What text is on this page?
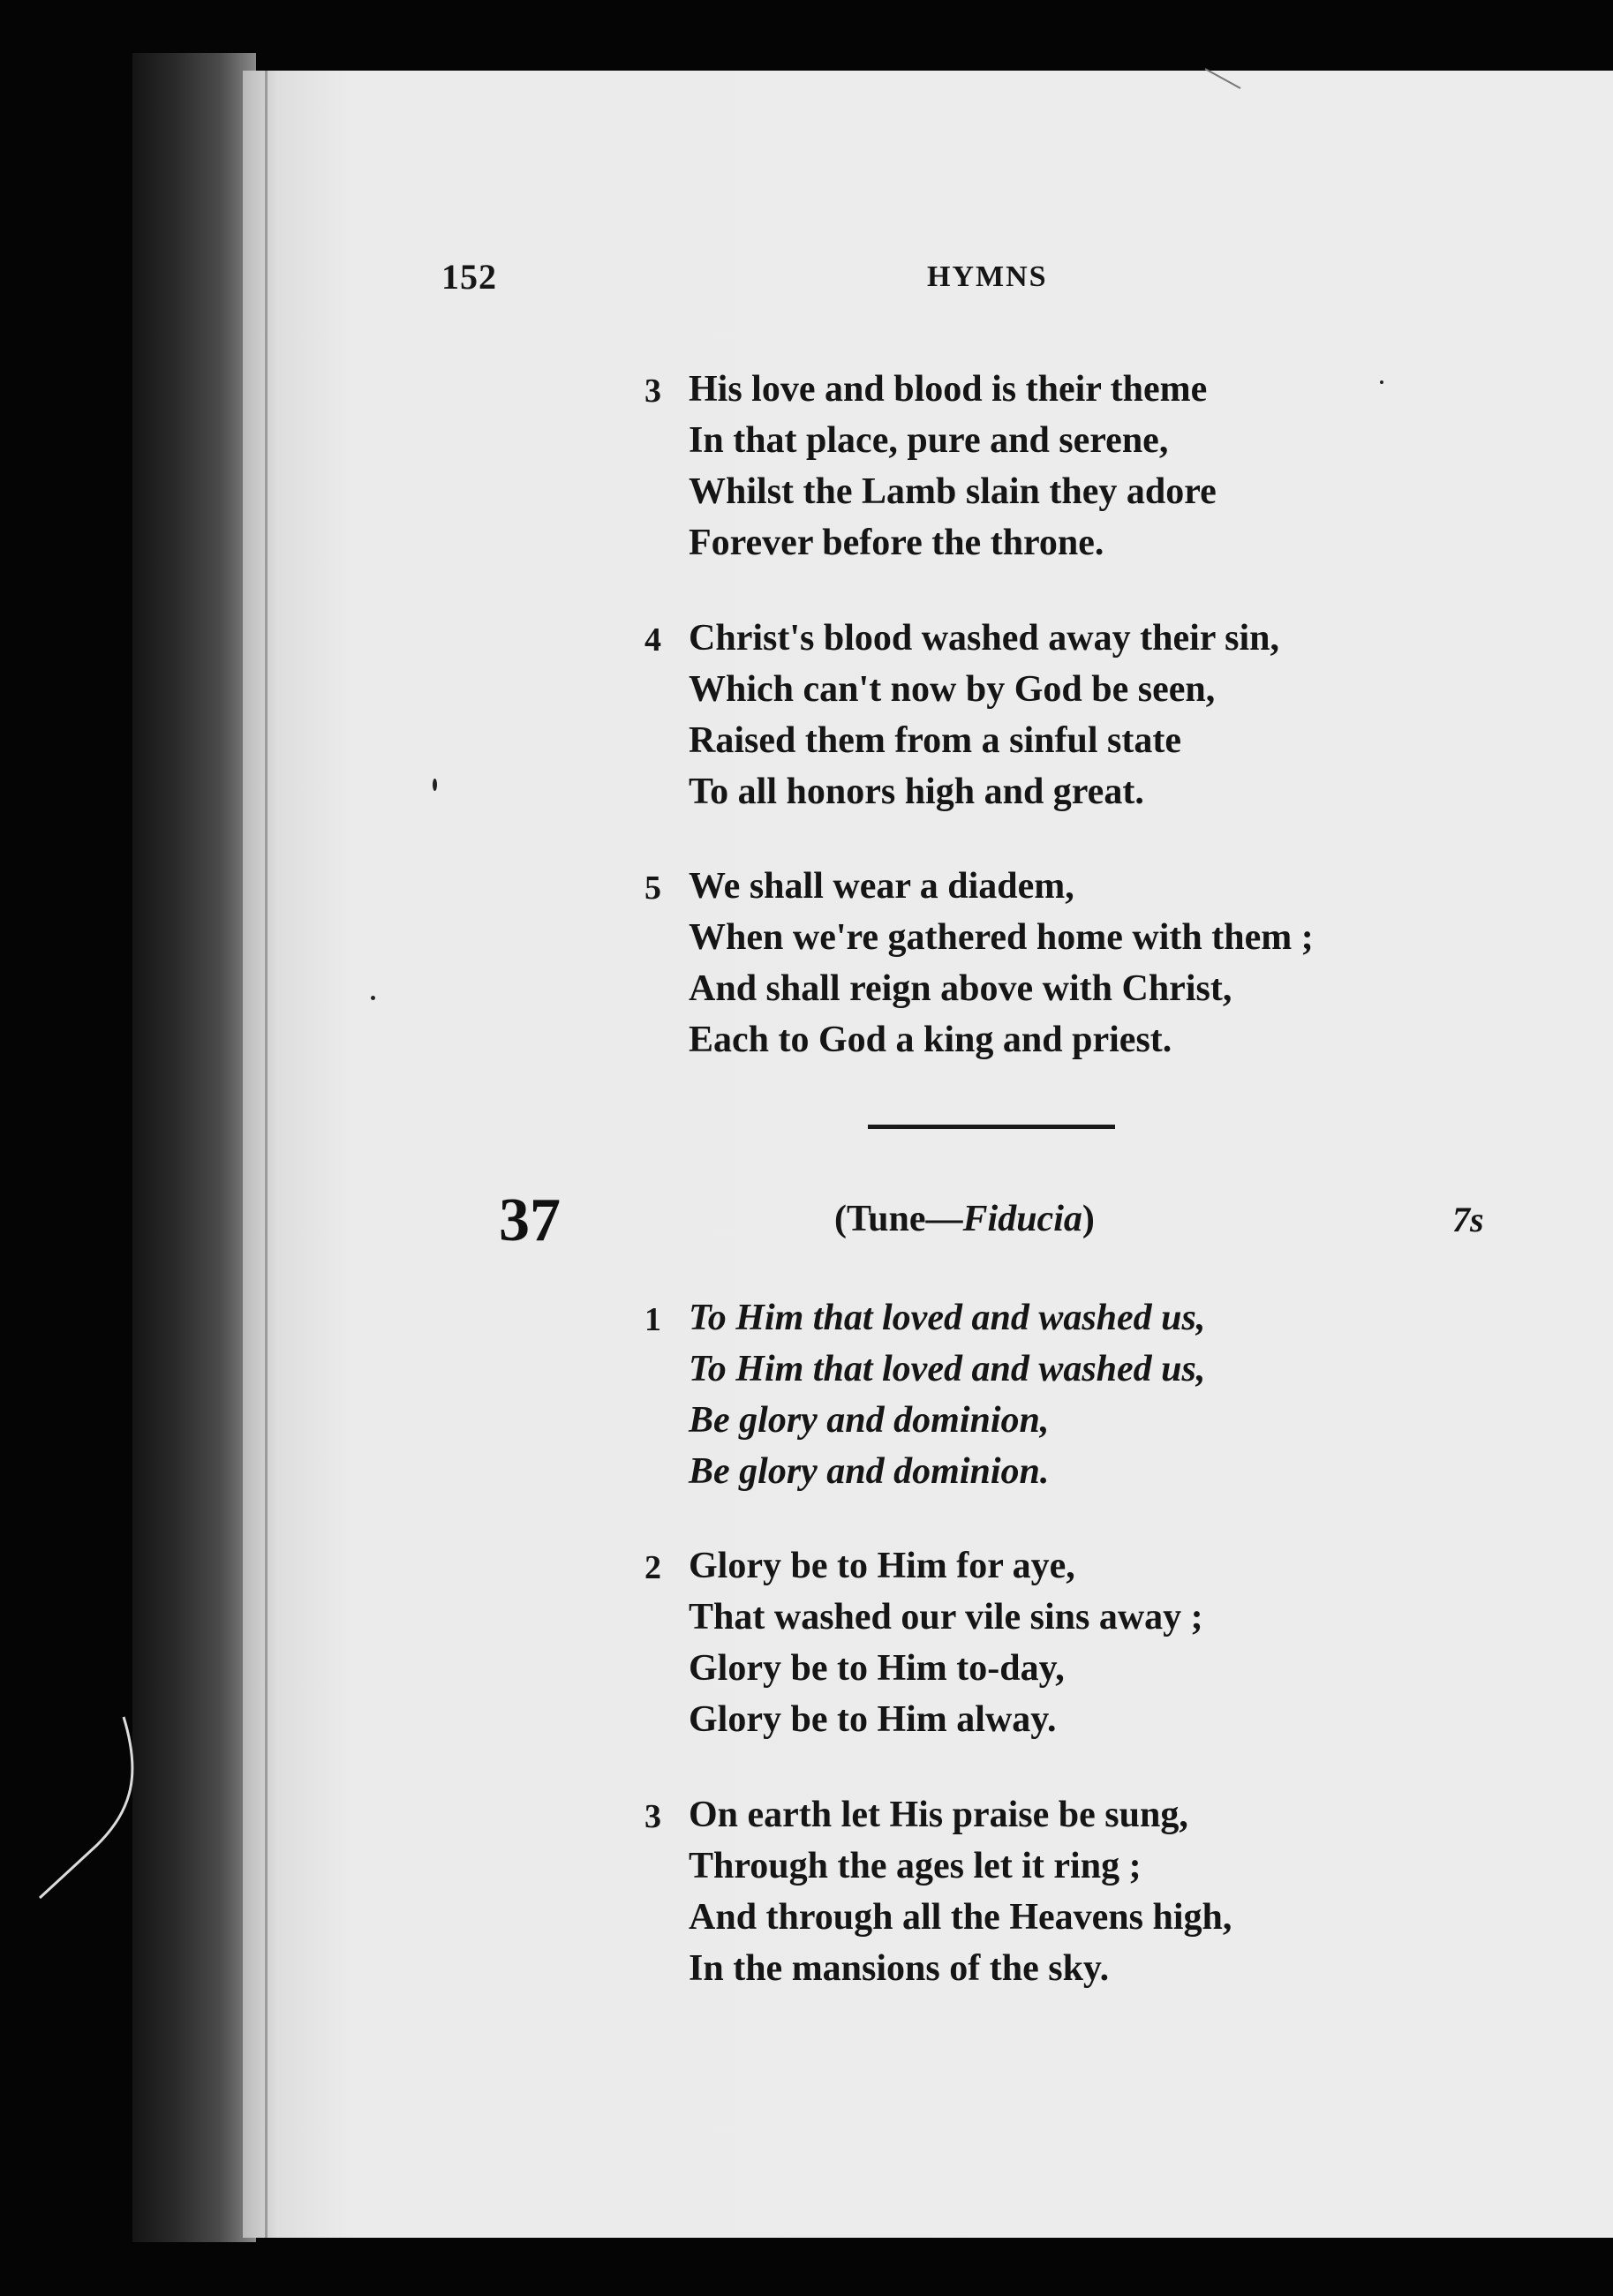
152	HYMNS
3 His love and blood is their theme
In that place, pure and serene,
Whilst the Lamb slain they adore
Forever before the throne.
4 Christ's blood washed away their sin,
Which can't now by God be seen,
Raised them from a sinful state
To all honors high and great.
5 We shall wear a diadem,
When we're gathered home with them ;
And shall reign above with Christ,
Each to God a king and priest.
37	(Tune—Fiducia)	7s
1 To Him that loved and washed us,
To Him that loved and washed us,
Be glory and dominion,
Be glory and dominion.
2 Glory be to Him for aye,
That washed our vile sins away ;
Glory be to Him to-day,
Glory be to Him alway.
3 On earth let His praise be sung,
Through the ages let it ring ;
And through all the Heavens high,
In the mansions of the sky.
